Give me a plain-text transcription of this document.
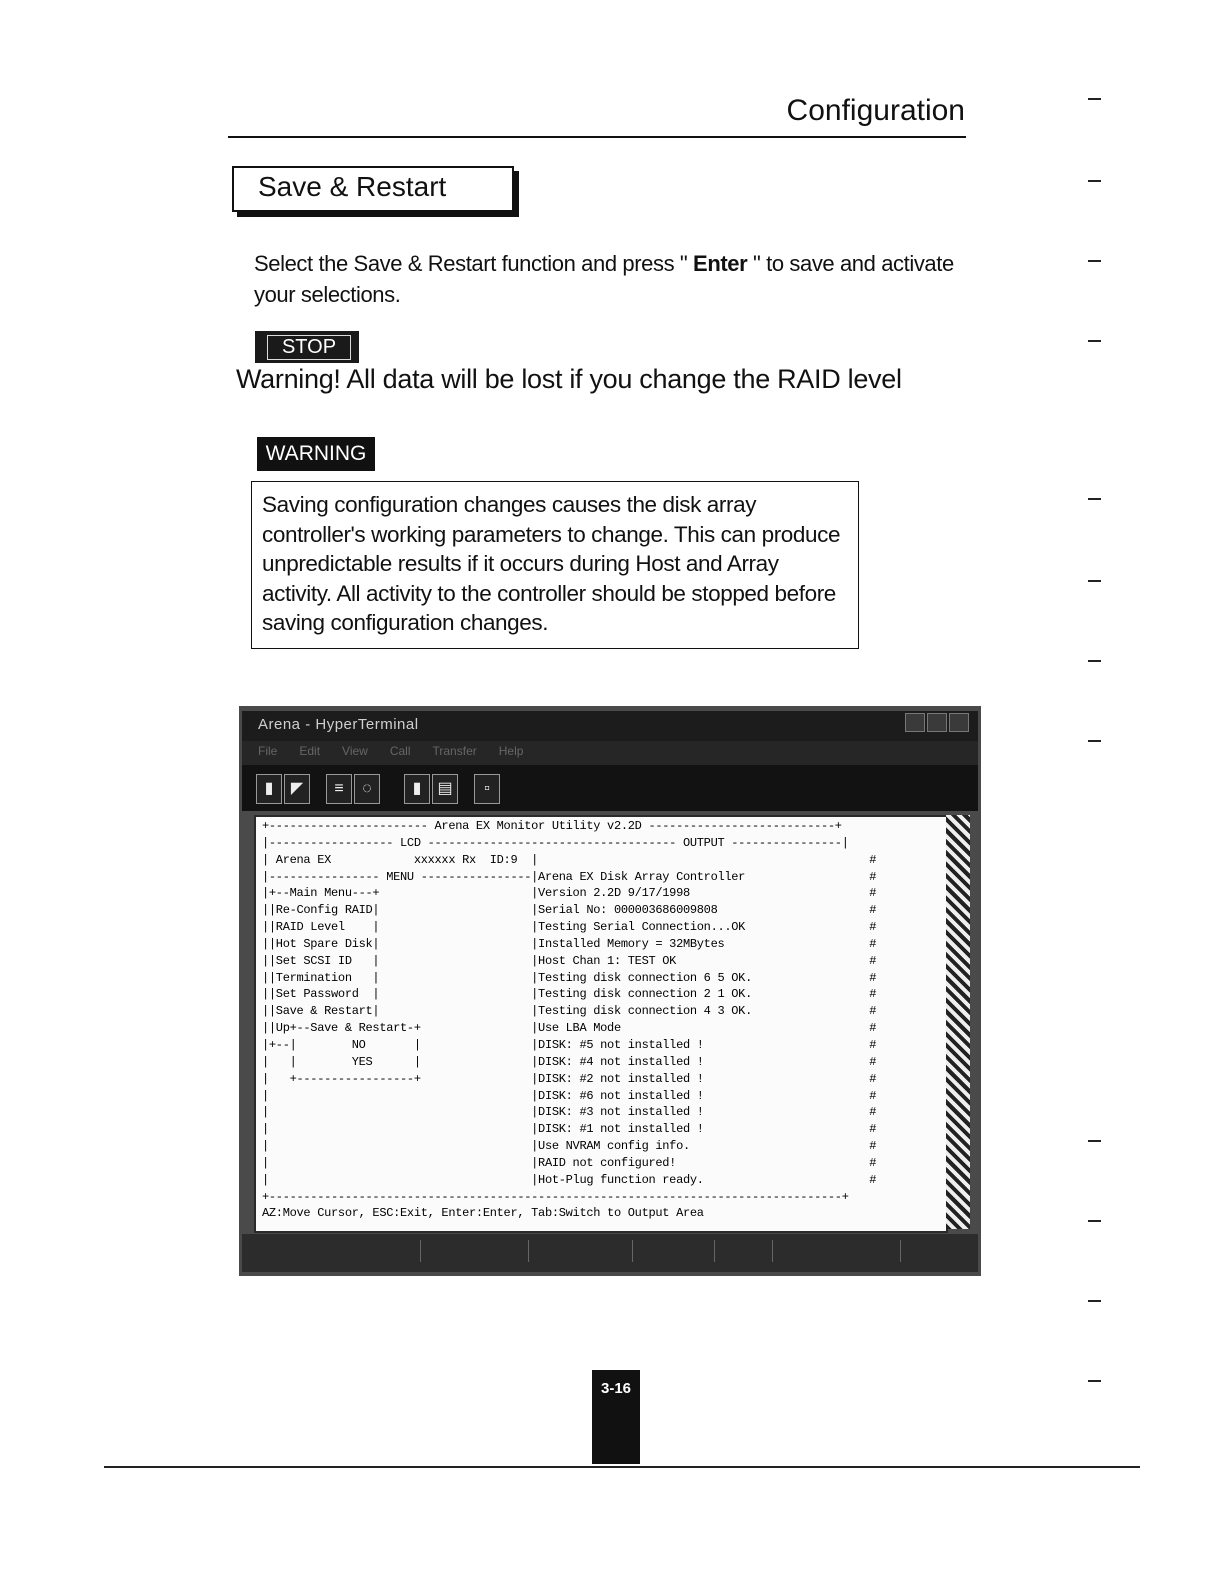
Configuration
Save & Restart
Select the Save & Restart function and press " Enter " to save and activate your selections.
STOP
Warning! All data will be lost if you change the RAID level
WARNING
Saving configuration changes causes the disk array controller's working parameters to change. This can produce unpredictable results if it occurs during Host and Array activity. All activity to the controller should be stopped before saving configuration changes.
Arena - HyperTerminal
File Edit View Call Transfer Help
▮	◤	≡	◌	▮	▤	▫
+----------------------- Arena EX Monitor Utility v2.2D ---------------------------+
|------------------ LCD ------------------------------------ OUTPUT ----------------|
| Arena EX            xxxxxx Rx  ID:9  |                                                #
|---------------- MENU ----------------|Arena EX Disk Array Controller                  #
|+--Main Menu---+                      |Version 2.2D 9/17/1998                          #
||Re-Config RAID|                      |Serial No: 000003686009808                      #
||RAID Level    |                      |Testing Serial Connection...OK                  #
||Hot Spare Disk|                      |Installed Memory = 32MBytes                     #
||Set SCSI ID   |                      |Host Chan 1: TEST OK                            #
||Termination   |                      |Testing disk connection 6 5 OK.                 #
||Set Password  |                      |Testing disk connection 2 1 OK.                 #
||Save & Restart|                      |Testing disk connection 4 3 OK.                 #
||Up+--Save & Restart-+                |Use LBA Mode                                    #
|+--|        NO       |                |DISK: #5 not installed !                        #
|   |        YES      |                |DISK: #4 not installed !                        #
|   +-----------------+                |DISK: #2 not installed !                        #
|                                      |DISK: #6 not installed !                        #
|                                      |DISK: #3 not installed !                        #
|                                      |DISK: #1 not installed !                        #
|                                      |Use NVRAM config info.                          #
|                                      |RAID not configured!                            #
|                                      |Hot-Plug function ready.                        #
+-----------------------------------------------------------------------------------+
AZ:Move Cursor, ESC:Exit, Enter:Enter, Tab:Switch to Output Area
3-16
